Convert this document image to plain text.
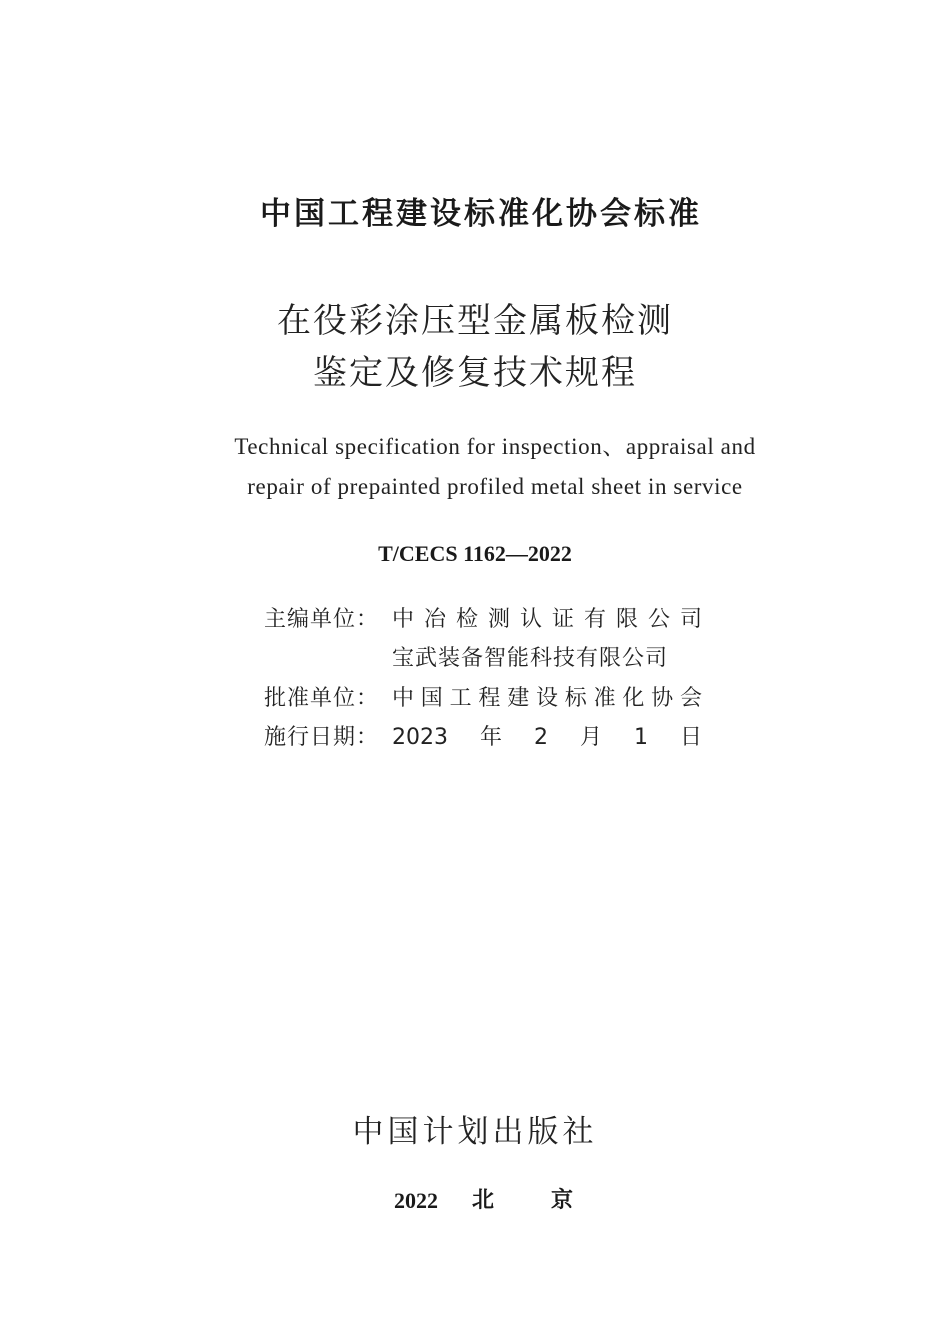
中国工程建设标准化协会标准
在役彩涂压型金属板检测
鉴定及修复技术规程
Technical specification for inspection、appraisal and
repair of prepainted profiled metal sheet in service
T/CECS 1162—2022
主编单位： 中冶检测认证有限公司
宝武装备智能科技有限公司
批准单位： 中国工程建设标准化协会
施行日期： 2023年2月1日
中国计划出版社
2022 北	京
